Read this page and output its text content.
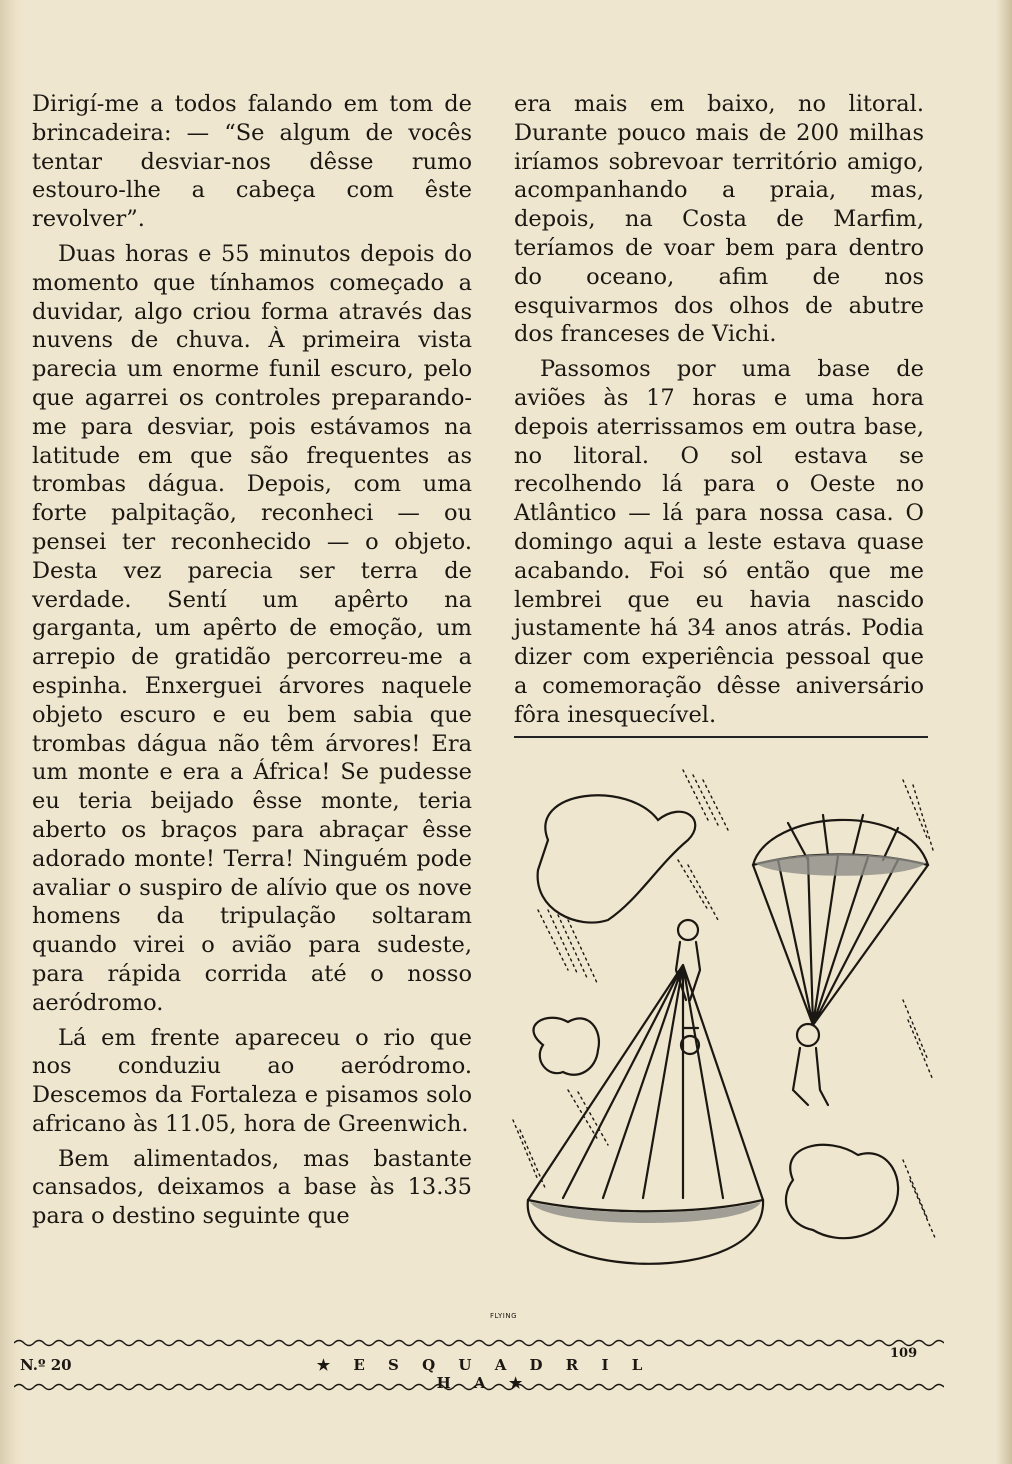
Dirigí-me a todos falando em tom de brincadeira: — “Se algum de vocês tentar desviar-nos dêsse rumo estouro-lhe a cabeça com êste revolver”.

Duas horas e 55 minutos depois do momento que tínhamos começado a duvidar, algo criou forma através das nuvens de chuva. À primeira vista parecia um enorme funil escuro, pelo que agarrei os controles preparando-me para desviar, pois estávamos na latitude em que são frequentes as trombas dágua. Depois, com uma forte palpitação, reconheci — ou pensei ter reconhecido — o objeto. Desta vez parecia ser terra de verdade. Sentí um apêrto na garganta, um apêrto de emoção, um arrepio de gratidão percorreu-me a espinha. Enxerguei árvores naquele objeto escuro e eu bem sabia que trombas dágua não têm árvores! Era um monte e era a África! Se pudesse eu teria beijado êsse monte, teria aberto os braços para abraçar êsse adorado monte! Terra! Ninguém pode avaliar o suspiro de alívio que os nove homens da tripulação soltaram quando virei o avião para sudeste, para rápida corrida até o nosso aeródromo.

Lá em frente apareceu o rio que nos conduziu ao aeródromo. Descemos da Fortaleza e pisamos solo africano às 11.05, hora de Greenwich.

Bem alimentados, mas bastante cansados, deixamos a base às 13.35 para o destino seguinte que

era mais em baixo, no litoral. Durante pouco mais de 200 milhas iríamos sobrevoar território amigo, acompanhando a praia, mas, depois, na Costa de Marfim, teríamos de voar bem para dentro do oceano, afim de nos esquivarmos dos olhos de abutre dos franceses de Vichi.

Passomos por uma base de aviões às 17 horas e uma hora depois aterrissamos em outra base, no litoral. O sol estava se recolhendo lá para o Oeste no Atlântico — lá para nossa casa. O domingo aqui a leste estava quase acabando. Foi só então que me lembrei que eu havia nascido justamente há 34 anos atrás. Podia dizer com experiência pessoal que a comemoração dêsse aniversário fôra inesquecível.

FLYING
N.º 20	★ E S Q U A D R I L H A ★
109
